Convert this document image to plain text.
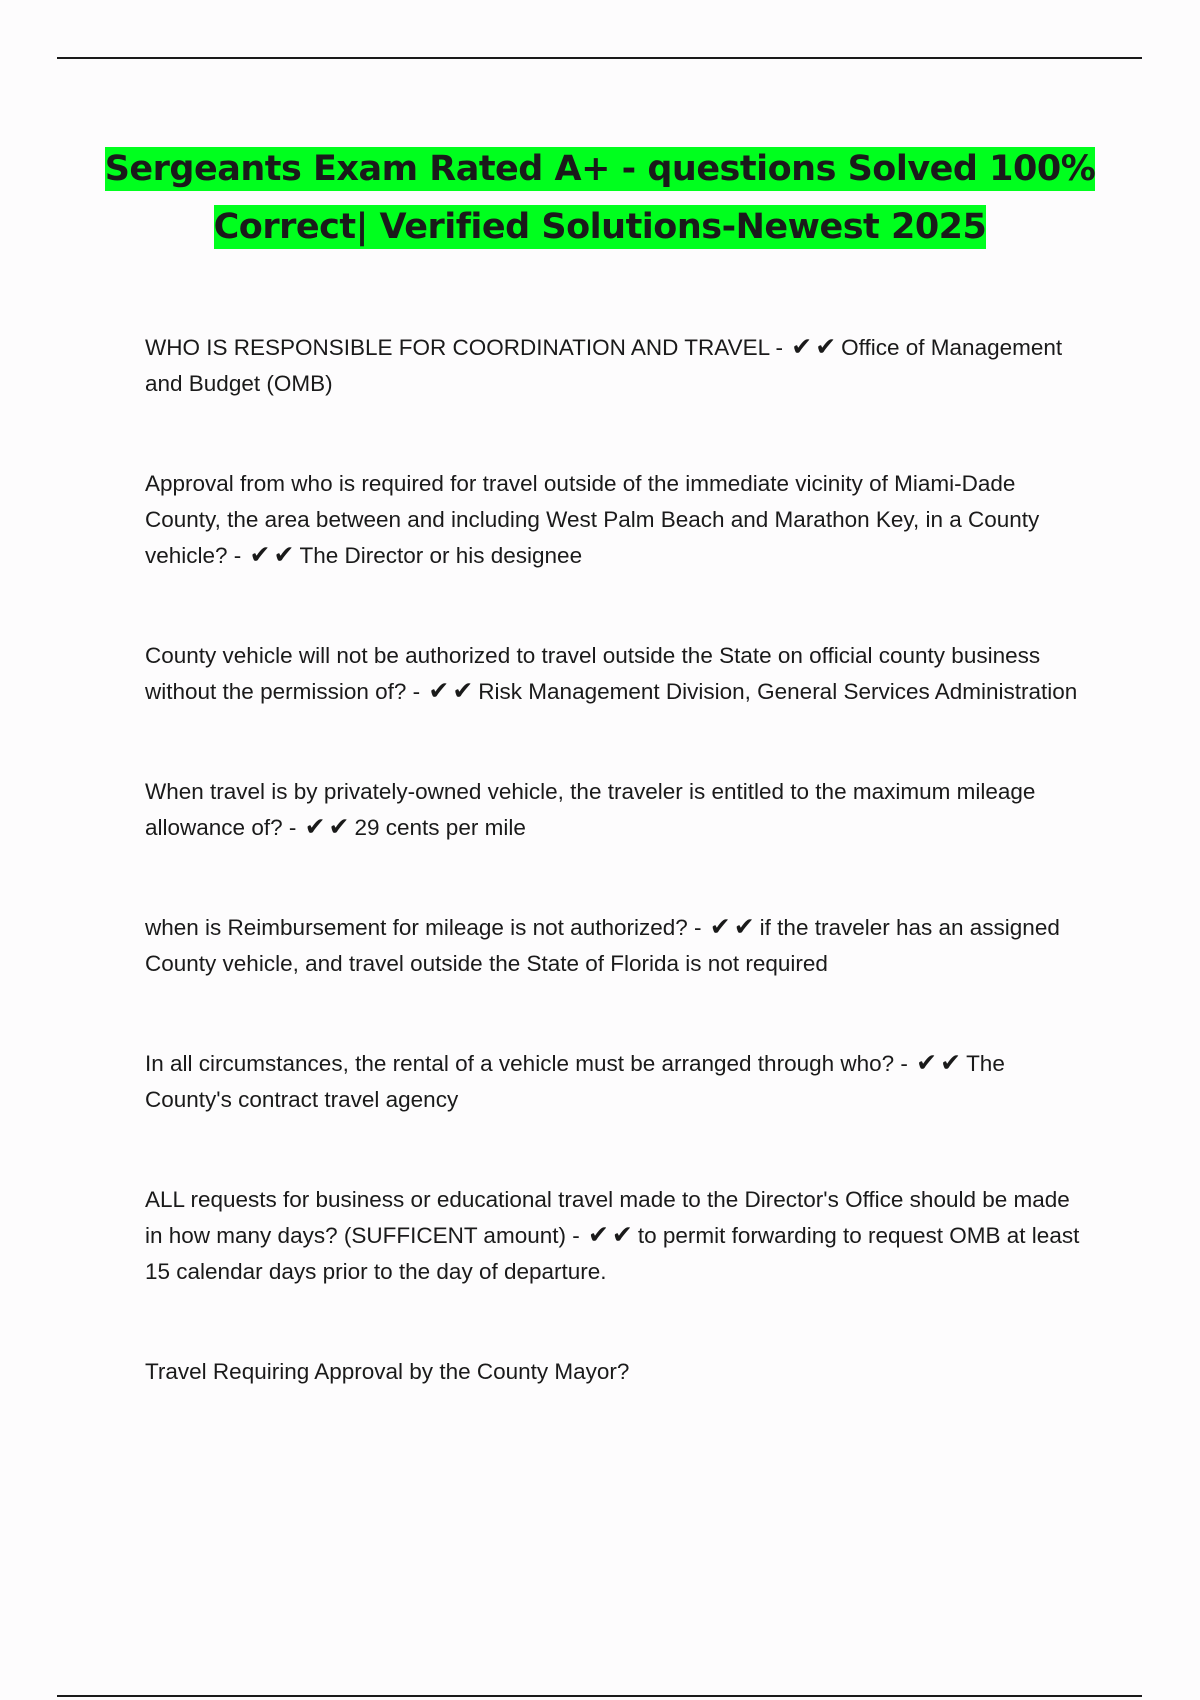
Sergeants Exam Rated A+ - questions Solved 100%
Correct| Verified Solutions-Newest 2025

WHO IS RESPONSIBLE FOR COORDINATION AND TRAVEL - ✔✔Office of Management and Budget (OMB)

Approval from who is required for travel outside of the immediate vicinity of Miami-Dade County, the area between and including West Palm Beach and Marathon Key, in a County vehicle? - ✔✔The Director or his designee

County vehicle will not be authorized to travel outside the State on official county business without the permission of? - ✔✔Risk Management Division, General Services Administration

When travel is by privately-owned vehicle, the traveler is entitled to the maximum mileage allowance of? - ✔✔29 cents per mile

when is Reimbursement for mileage is not authorized? - ✔✔if the traveler has an assigned County vehicle, and travel outside the State of Florida is not required

In all circumstances, the rental of a vehicle must be arranged through who? - ✔✔The County's contract travel agency

ALL requests for business or educational travel made to the Director's Office should be made in how many days? (SUFFICENT amount) - ✔✔to permit forwarding to request OMB at least 15 calendar days prior to the day of departure.

Travel Requiring Approval by the County Mayor?
